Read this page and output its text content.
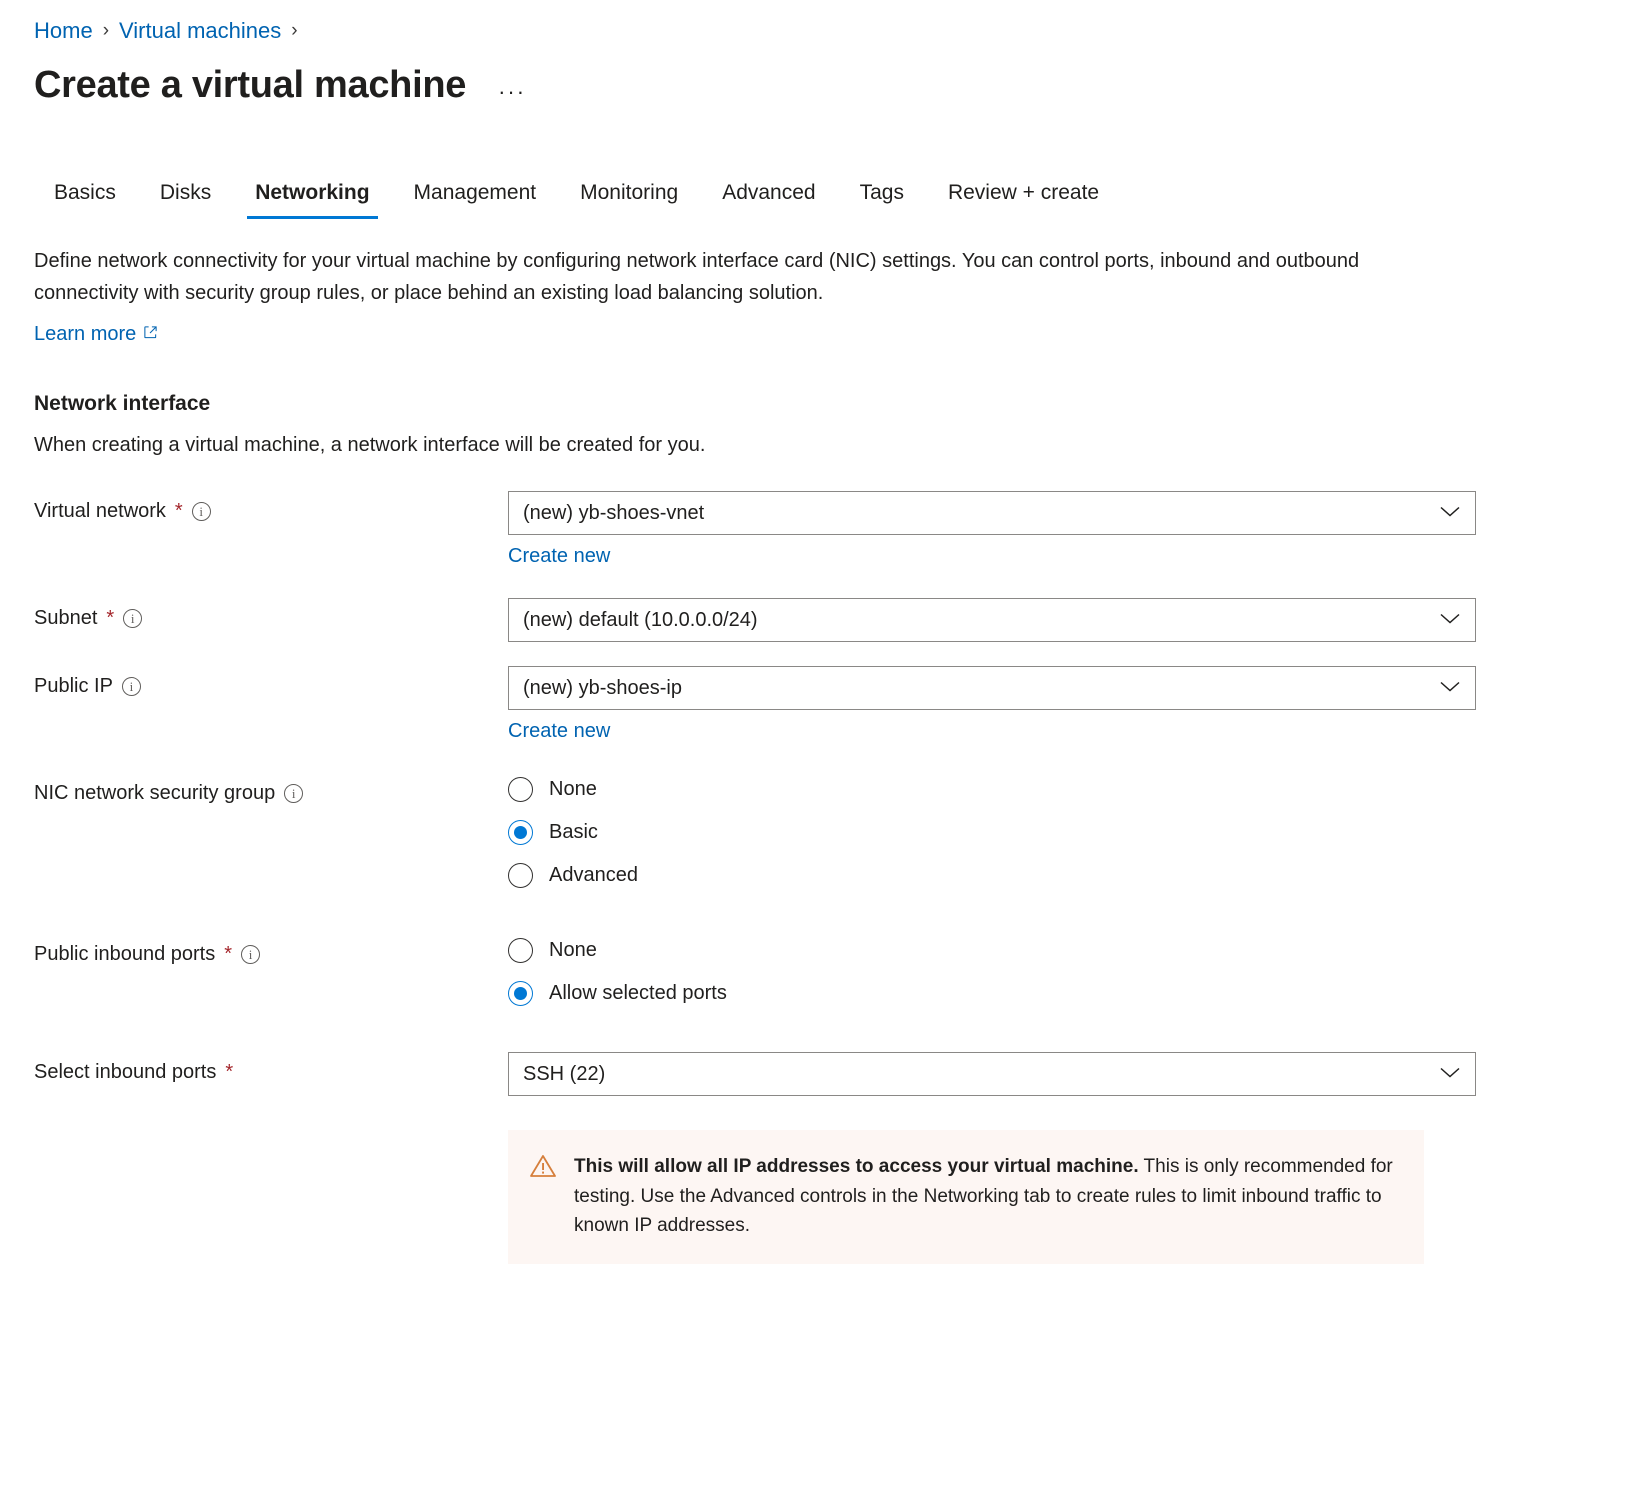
Home › Virtual machines ›
Create a virtual machine ···
Basics	Disks	Networking	Management	Monitoring	Advanced	Tags	Review + create
Define network connectivity for your virtual machine by configuring network interface card (NIC) settings. You can control ports, inbound and outbound connectivity with security group rules, or place behind an existing load balancing solution.

Learn more
Network interface
When creating a virtual machine, a network interface will be created for you.
Virtual network *	i	(new) yb-shoes-vnet
Create new
Subnet *	i	(new) default (10.0.0.0/24)
Public IP	i	(new) yb-shoes-ip
Create new
NIC network security group	i	None
Basic
Advanced
Public inbound ports *	i	None
Allow selected ports
Select inbound ports *	SSH (22)
This will allow all IP addresses to access your virtual machine. This is only recommended for testing. Use the Advanced controls in the Networking tab to create rules to limit inbound traffic to known IP addresses.
